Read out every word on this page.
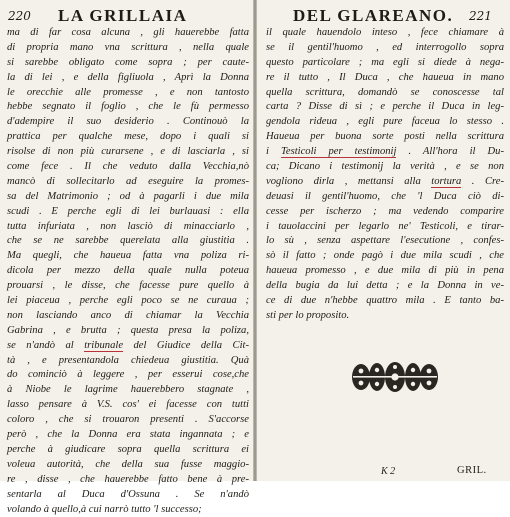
220 LA GRILLAIA
ma di far cosa alcuna , gli hauerebbe fatta
di propria mano vna scrittura , nella quale
si sarebbe obligato come sopra ; per caute-
la di lei , e della figliuola , Aprì la Donna
le orecchie alle promesse , e non tantosto
hebbe segnato il foglio , che le fù permesso
d'adempire il suo desiderio . Continouò la
prattica per qualche mese, dopo i quali si
risolse di non più curarsene , e di lasciarla , si
come fece . Il che veduto dalla Vecchia,nò
mancò di sollecitarlo ad eseguire la promes-
sa del Matrimonio ; od à pagarli i due mila
scudi . E perche egli di lei burlauasi : ella
tutta infuriata , non lasciò di minacciarlo ,
che se ne sarebbe querelata alla giustitia .
Ma quegli, che haueua fatta vna poliza ri-
dicola per mezzo della quale nulla poteua
prouarsi , le disse, che facesse pure quello à
lei piaceua , perche egli poco se ne curaua ;
non lasciando anco di chiamar la Vecchia
Gabrina , e brutta ; questa presa la poliza,
se n'andò al tribunale del Giudice della Cit-
tà , e presentandola chiedeua giustitia. Quà
do cominciò à leggere , per esserui cose,che
à Niobe le lagrime hauerebbero stagnate ,
lasso pensare à V.S. cos' ei facesse con tutti
coloro , che si trouaron presenti . S'accorse
però , che la Donna era stata ingannata ; e
perche à giudicare sopra quella scrittura ei
voleua autorità, che della sua fusse maggio-
re , disse , che hauerebbe fatto bene à pre-
sentarla al Duca d'Ossuna . Se n'andò
volando à quello,à cui narrò tutto 'l successo;
DEL GLAREANO. 221
il quale hauendolo inteso , fece chiamare à
se il gentil'huomo , ed interrogollo sopra
questo particolare ; ma egli si diede à nega-
re il tutto , Il Duca , che haueua in mano
quella scrittura, domandò se conoscesse tal
carta ? Disse di sì ; e perche il Duca in leg-
gendola rideua , egli pure faceua lo stesso .
Haueua per buona sorte posti nella scrittura
i Testicoli per testimonij . All'hora il Du-
ca; Dicano i testimonij la verità , e se non
vogliono dirla , mettansi alla tortura . Cre-
deuasi il gentil'huomo, che 'l Duca ciò di-
cesse per ischerzo ; ma vedendo comparire
i tauolaccini per legarlo ne' Testicoli, e tirar-
lo sù , senza aspettare l'esecutione , confes-
sò il fatto ; onde pagò i due mila scudi , che
haueua promesso , e due mila di più in pena
della bugia da lui detta ; e la Donna in ve-
ce di due n'hebbe quattro mila . E tanto ba-
sti per lo proposito.
K 2	GRIL.
